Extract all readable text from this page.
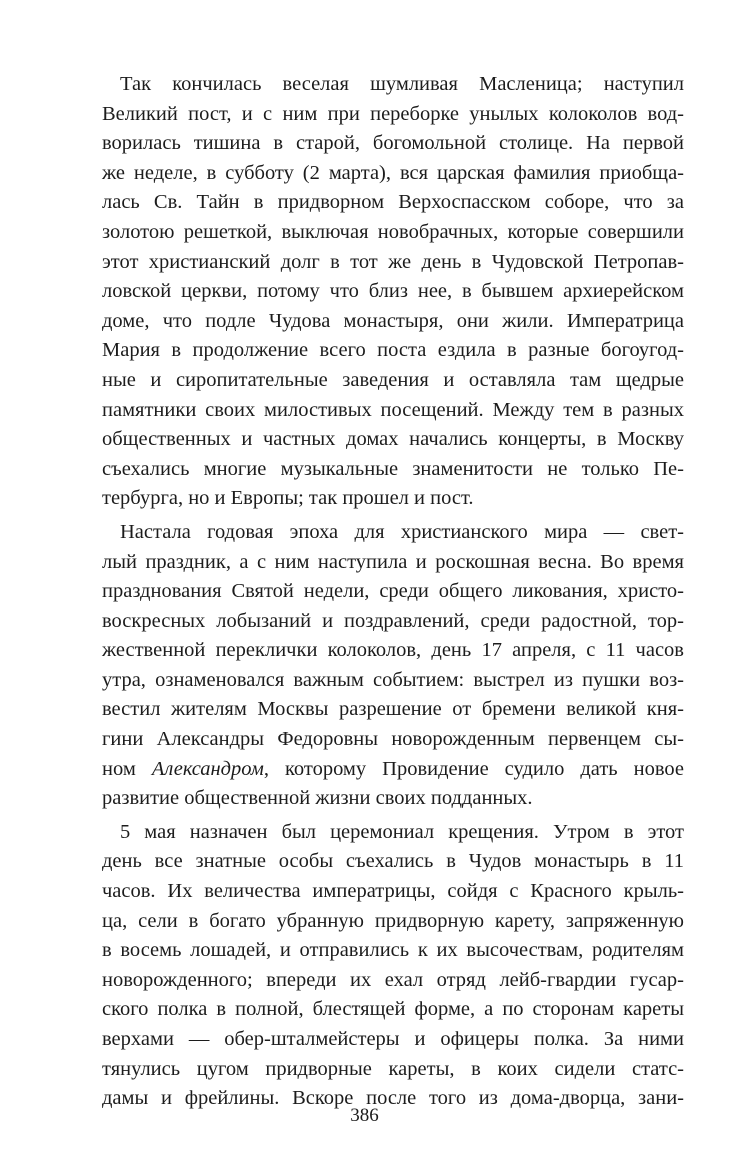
Так кончилась веселая шумливая Масленица; наступил
Великий пост, и с ним при переборке унылых колоколов вод-
ворилась тишина в старой, богомольной столице. На первой
же неделе, в субботу (2 марта), вся царская фамилия приобща-
лась Св. Тайн в придворном Верхоспасском соборе, что за
золотою решеткой, выключая новобрачных, которые совершили
этот христианский долг в тот же день в Чудовской Петропав-
ловской церкви, потому что близ нее, в бывшем архиерейском
доме, что подле Чудова монастыря, они жили. Императрица
Мария в продолжение всего поста ездила в разные богоугод-
ные и сиропитательные заведения и оставляла там щедрые
памятники своих милостивых посещений. Между тем в разных
общественных и частных домах начались концерты, в Москву
съехались многие музыкальные знаменитости не только Пе-
тербурга, но и Европы; так прошел и пост.
Настала годовая эпоха для христианского мира — свет-
лый праздник, а с ним наступила и роскошная весна. Во время
празднования Святой недели, среди общего ликования, христо-
воскресных лобызаний и поздравлений, среди радостной, тор-
жественной переклички колоколов, день 17 апреля, с 11 часов
утра, ознаменовался важным событием: выстрел из пушки воз-
вестил жителям Москвы разрешение от бремени великой кня-
гини Александры Федоровны новорожденным первенцем сы-
ном Александром, которому Провидение судило дать новое
развитие общественной жизни своих подданных.
5 мая назначен был церемониал крещения. Утром в этот
день все знатные особы съехались в Чудов монастырь в 11
часов. Их величества императрицы, сойдя с Красного крыль-
ца, сели в богато убранную придворную карету, запряженную
в восемь лошадей, и отправились к их высочествам, родителям
новорожденного; впереди их ехал отряд лейб-гвардии гусар-
ского полка в полной, блестящей форме, а по сторонам кареты
верхами — обер-шталмейстеры и офицеры полка. За ними
тянулись цугом придворные кареты, в коих сидели статс-
дамы и фрейлины. Вскоре после того из дома-дворца, зани-
386
